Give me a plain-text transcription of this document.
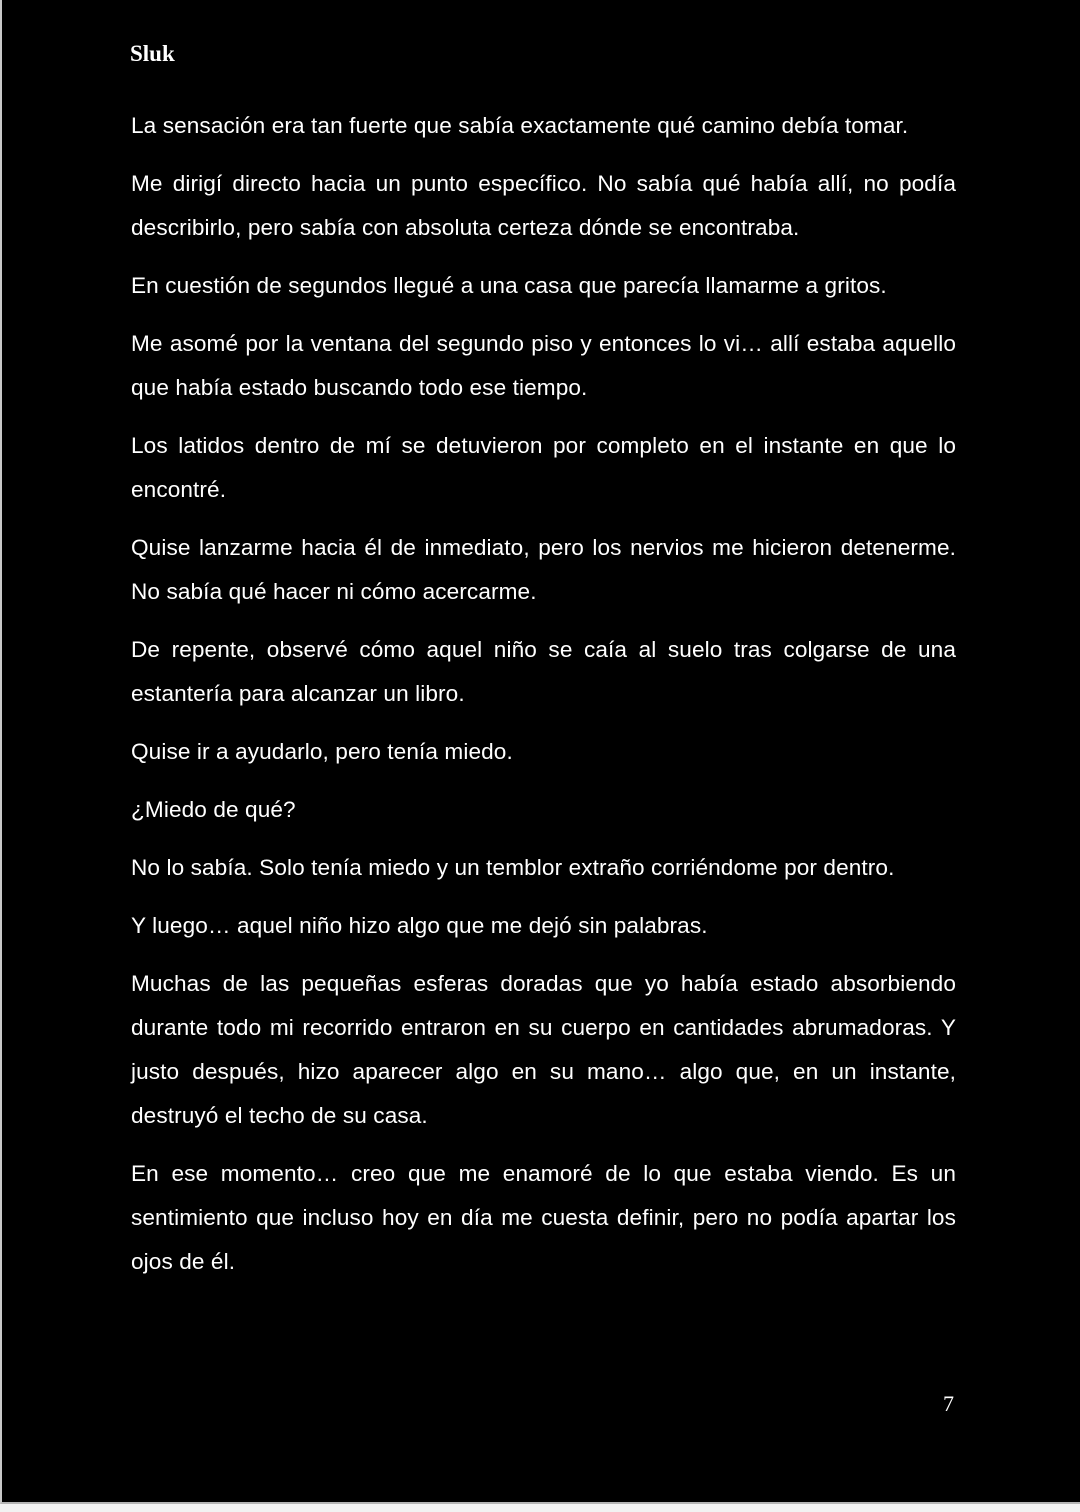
Sluk

La sensación era tan fuerte que sabía exactamente qué camino debía tomar.

Me dirigí directo hacia un punto específico. No sabía qué había allí, no podía describirlo, pero sabía con absoluta certeza dónde se encontraba.

En cuestión de segundos llegué a una casa que parecía llamarme a gritos.

Me asomé por la ventana del segundo piso y entonces lo vi… allí estaba aquello que había estado buscando todo ese tiempo.

Los latidos dentro de mí se detuvieron por completo en el instante en que lo encontré.

Quise lanzarme hacia él de inmediato, pero los nervios me hicieron detenerme. No sabía qué hacer ni cómo acercarme.

De repente, observé cómo aquel niño se caía al suelo tras colgarse de una estantería para alcanzar un libro.

Quise ir a ayudarlo, pero tenía miedo.

¿Miedo de qué?

No lo sabía. Solo tenía miedo y un temblor extraño corriéndome por dentro.

Y luego… aquel niño hizo algo que me dejó sin palabras.

Muchas de las pequeñas esferas doradas que yo había estado absorbiendo durante todo mi recorrido entraron en su cuerpo en cantidades abrumadoras. Y justo después, hizo aparecer algo en su mano… algo que, en un instante, destruyó el techo de su casa.

En ese momento… creo que me enamoré de lo que estaba viendo. Es un sentimiento que incluso hoy en día me cuesta definir, pero no podía apartar los ojos de él.

7
